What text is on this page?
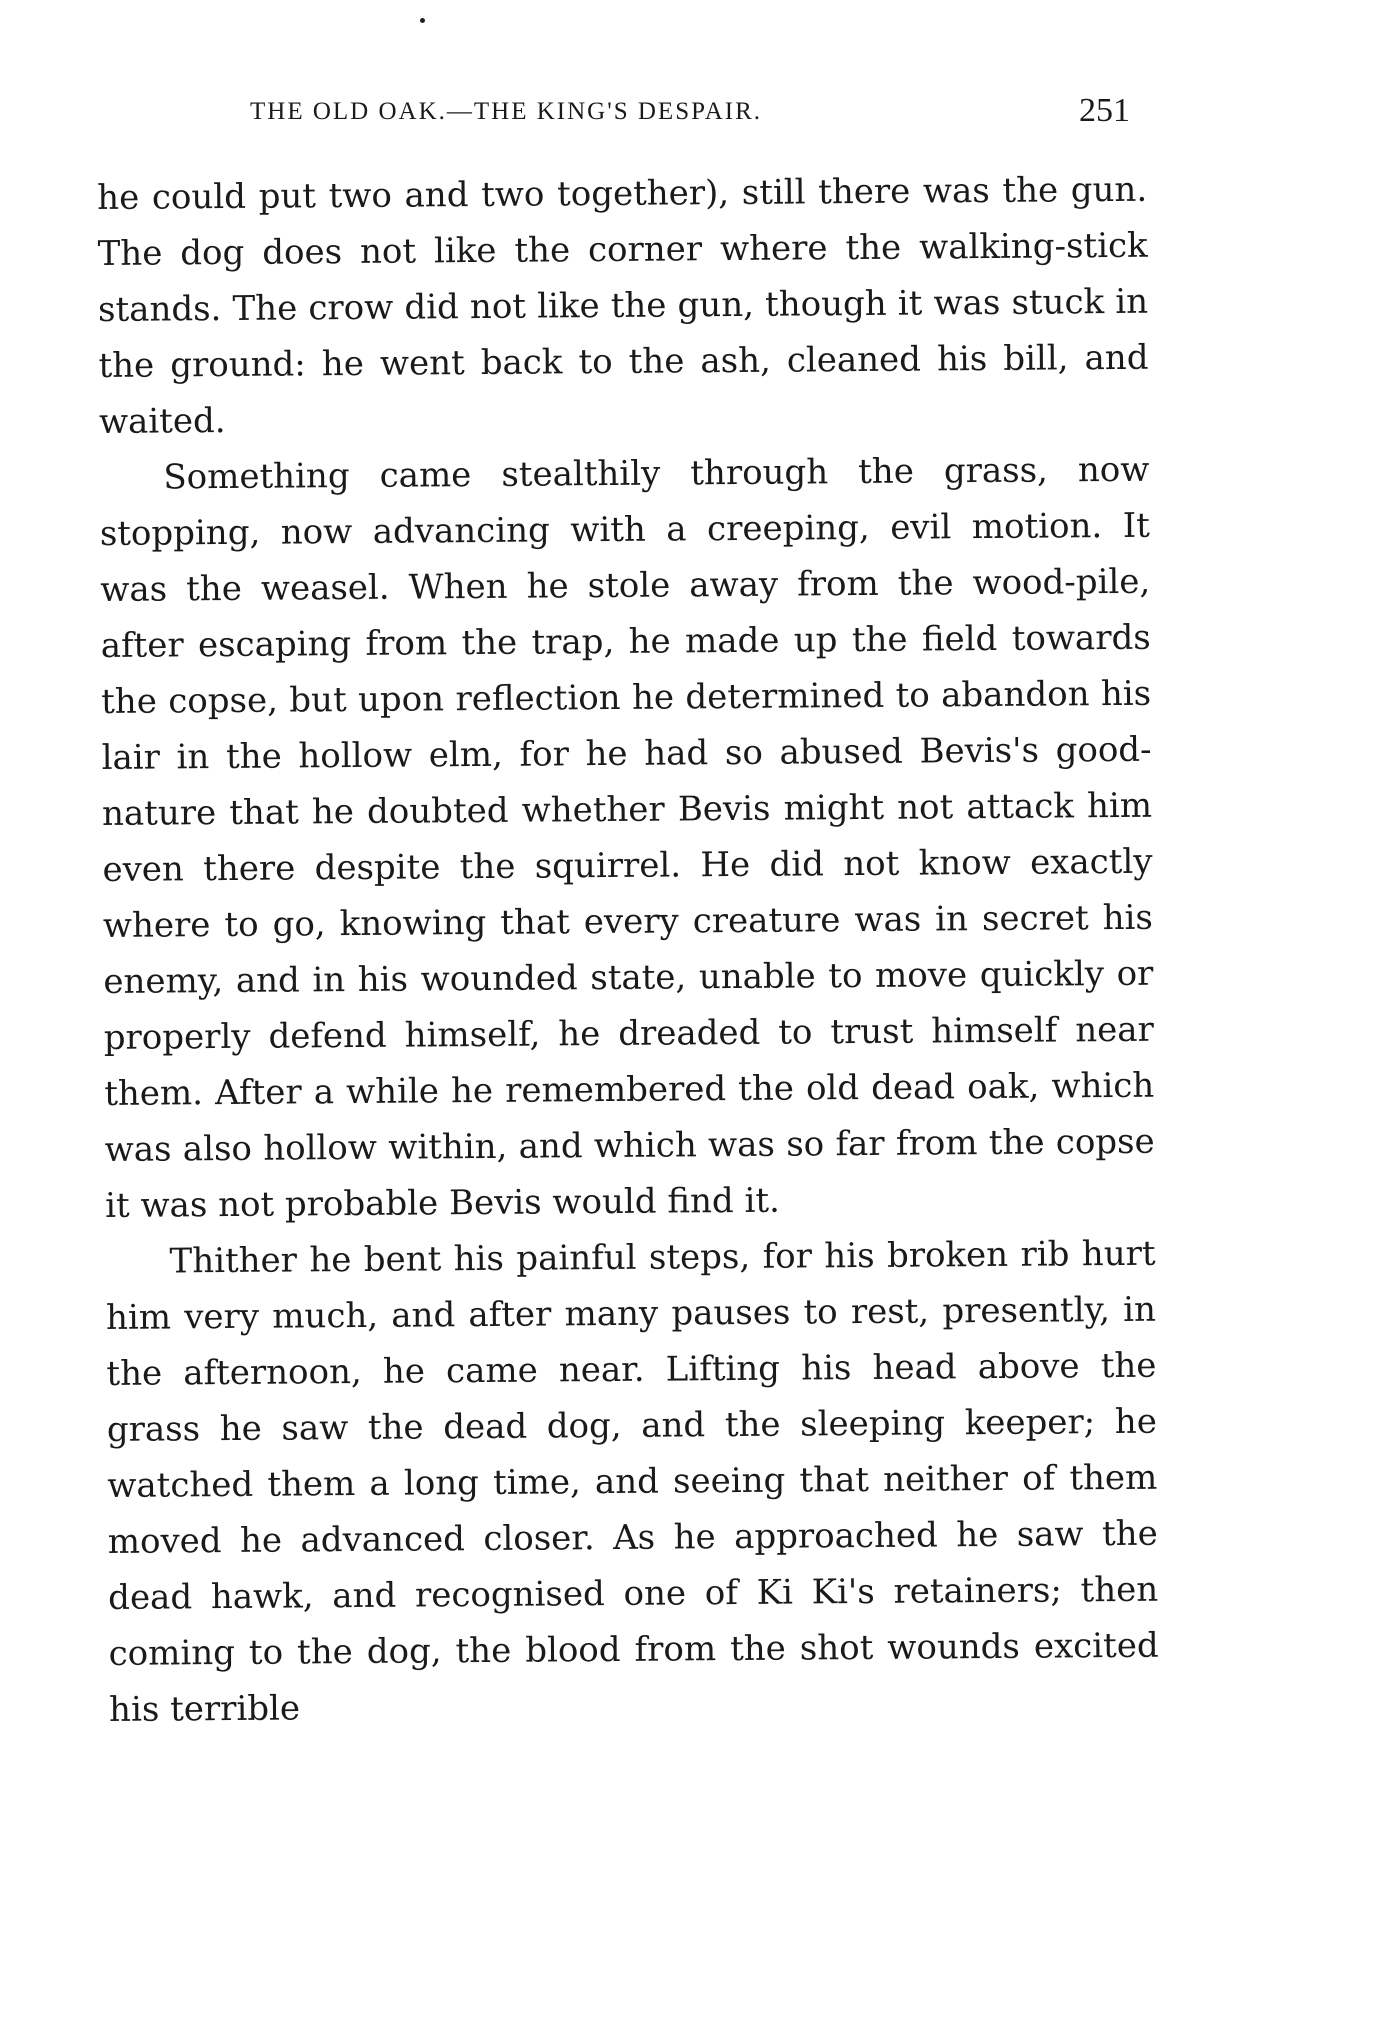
THE OLD OAK.—THE KING'S DESPAIR.	251

he could put two and two together), still there was the gun. The dog does not like the corner where the walking-stick stands. The crow did not like the gun, though it was stuck in the ground: he went back to the ash, cleaned his bill, and waited.

Something came stealthily through the grass, now stopping, now advancing with a creeping, evil motion. It was the weasel. When he stole away from the wood-pile, after escaping from the trap, he made up the field towards the copse, but upon reflection he determined to abandon his lair in the hollow elm, for he had so abused Bevis's good-nature that he doubted whether Bevis might not attack him even there despite the squirrel. He did not know exactly where to go, knowing that every creature was in secret his enemy, and in his wounded state, unable to move quickly or properly defend himself, he dreaded to trust himself near them. After a while he remembered the old dead oak, which was also hollow within, and which was so far from the copse it was not probable Bevis would find it.

Thither he bent his painful steps, for his broken rib hurt him very much, and after many pauses to rest, presently, in the afternoon, he came near. Lifting his head above the grass he saw the dead dog, and the sleeping keeper; he watched them a long time, and seeing that neither of them moved he advanced closer. As he approached he saw the dead hawk, and recognised one of Ki Ki's retainers; then coming to the dog, the blood from the shot wounds excited his terrible
